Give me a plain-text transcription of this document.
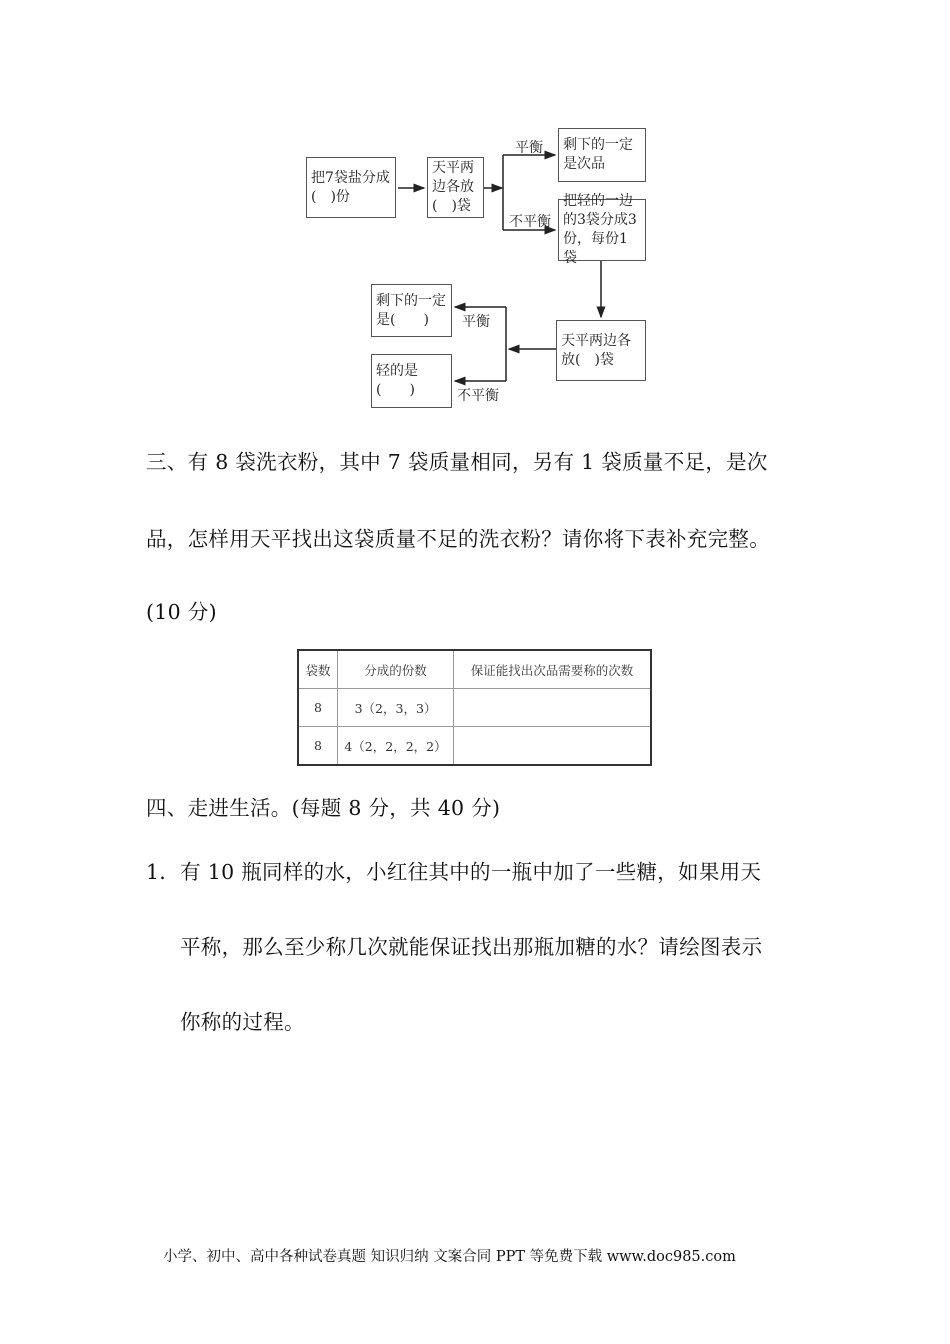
把7袋盐分成(　)份
天平两边各放(　)袋
剩下的一定是次品
把轻的一边的3袋分成3份，每份1袋
天平两边各放(　)袋
剩下的一定是(　　)
轻的是(　　)
平衡
不平衡
平衡
不平衡
三、有 8 袋洗衣粉，其中 7 袋质量相同，另有 1 袋质量不足，是次
品，怎样用天平找出这袋质量不足的洗衣粉？请你将下表补充完整。
(10 分)
袋数	分成的份数	保证能找出次品需要称的次数
8	3（2，3，3）	
8	4（2，2，2，2）	
四、走进生活。(每题 8 分，共 40 分)
1．有 10 瓶同样的水，小红往其中的一瓶中加了一些糖，如果用天
平称，那么至少称几次就能保证找出那瓶加糖的水？请绘图表示
你称的过程。
小学、初中、高中各种试卷真题 知识归纳 文案合同 PPT 等免费下载 www.doc985.com
